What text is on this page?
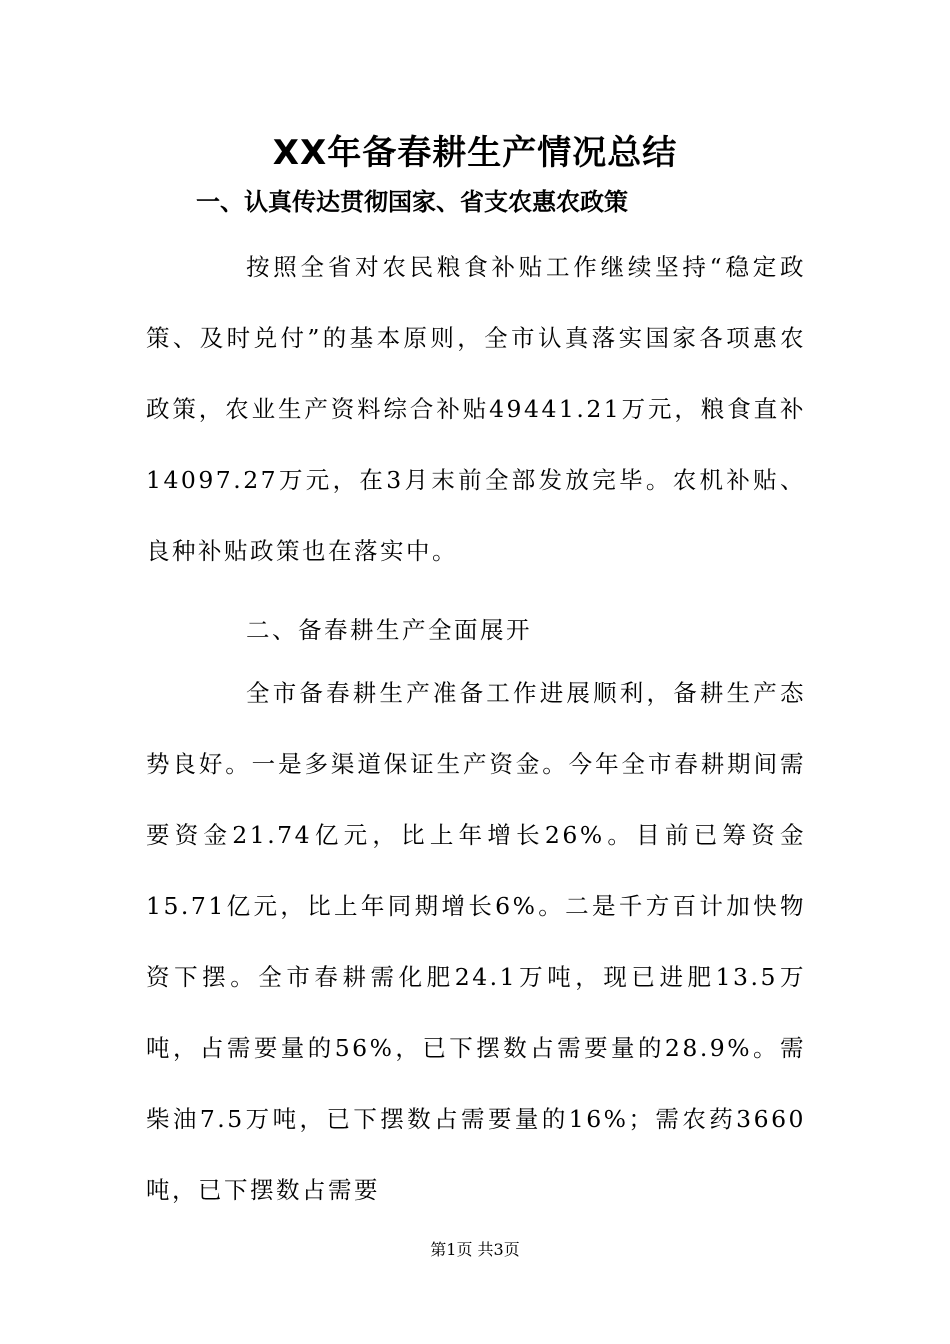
XX年备春耕生产情况总结
一、认真传达贯彻国家、省支农惠农政策

按照全省对农民粮食补贴工作继续坚持“稳定政策、及时兑付”的基本原则，全市认真落实国家各项惠农政策，农业生产资料综合补贴49441.21万元，粮食直补14097.27万元，在3月末前全部发放完毕。农机补贴、良种补贴政策也在落实中。

二、备春耕生产全面展开

全市备春耕生产准备工作进展顺利，备耕生产态势良好。一是多渠道保证生产资金。今年全市春耕期间需要资金21.74亿元，比上年增长26%。目前已筹资金15.71亿元，比上年同期增长6%。二是千方百计加快物资下摆。全市春耕需化肥24.1万吨，现已进肥13.5万吨，占需要量的56%，已下摆数占需要量的28.9%。需柴油7.5万吨，已下摆数占需要量的16%；需农药3660吨，已下摆数占需要

第1页 共3页
